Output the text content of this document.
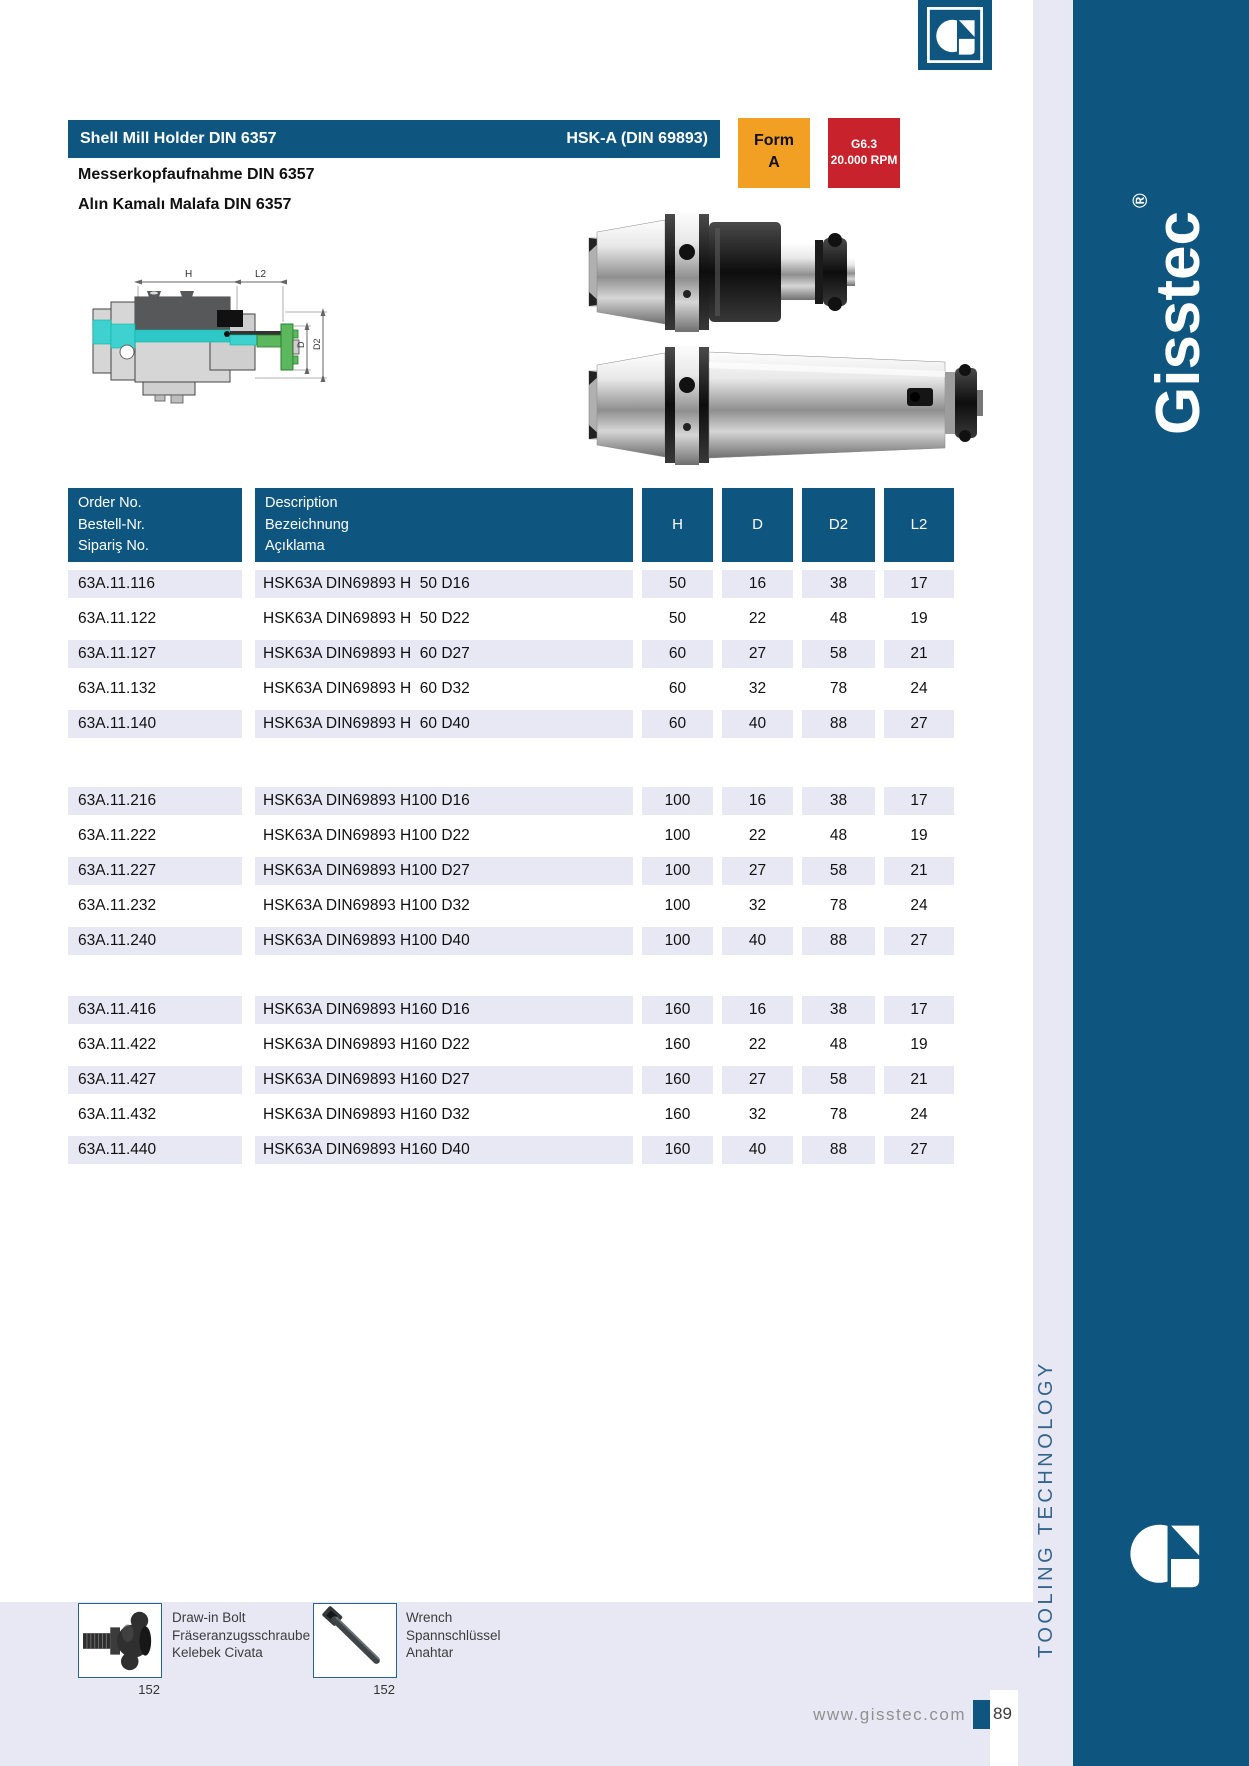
Gisstec®
TOOLING TECHNOLOGY
Shell Mill Holder DIN 6357	HSK-A (DIN 69893)	Form
A
G6.3
20.000 RPM
Messerkopfaufnahme DIN 6357
Alın Kamalı Malafa DIN 6357
H	L2
D D2
Order No.
Bestell-Nr.
Sipariş No.
Description
Bezeichnung
Açıklama
H	D	D2	L2
63A.11.116	HSK63A DIN69893 H  50 D16	50	16	38	17
63A.11.122	HSK63A DIN69893 H  50 D22	50	22	48	19
63A.11.127	HSK63A DIN69893 H  60 D27	60	27	58	21
63A.11.132	HSK63A DIN69893 H  60 D32	60	32	78	24
63A.11.140	HSK63A DIN69893 H  60 D40	60	40	88	27
63A.11.216	HSK63A DIN69893 H100 D16	100	16	38	17
63A.11.222	HSK63A DIN69893 H100 D22	100	22	48	19
63A.11.227	HSK63A DIN69893 H100 D27	100	27	58	21
63A.11.232	HSK63A DIN69893 H100 D32	100	32	78	24
63A.11.240	HSK63A DIN69893 H100 D40	100	40	88	27
63A.11.416	HSK63A DIN69893 H160 D16	160	16	38	17
63A.11.422	HSK63A DIN69893 H160 D22	160	22	48	19
63A.11.427	HSK63A DIN69893 H160 D27	160	27	58	21
63A.11.432	HSK63A DIN69893 H160 D32	160	32	78	24
63A.11.440	HSK63A DIN69893 H160 D40	160	40	88	27
Draw-in Bolt
Fräseranzugsschraube
Kelebek Civata
152
Wrench
Spannschlüssel
Anahtar
152
www.gisstec.com 89
